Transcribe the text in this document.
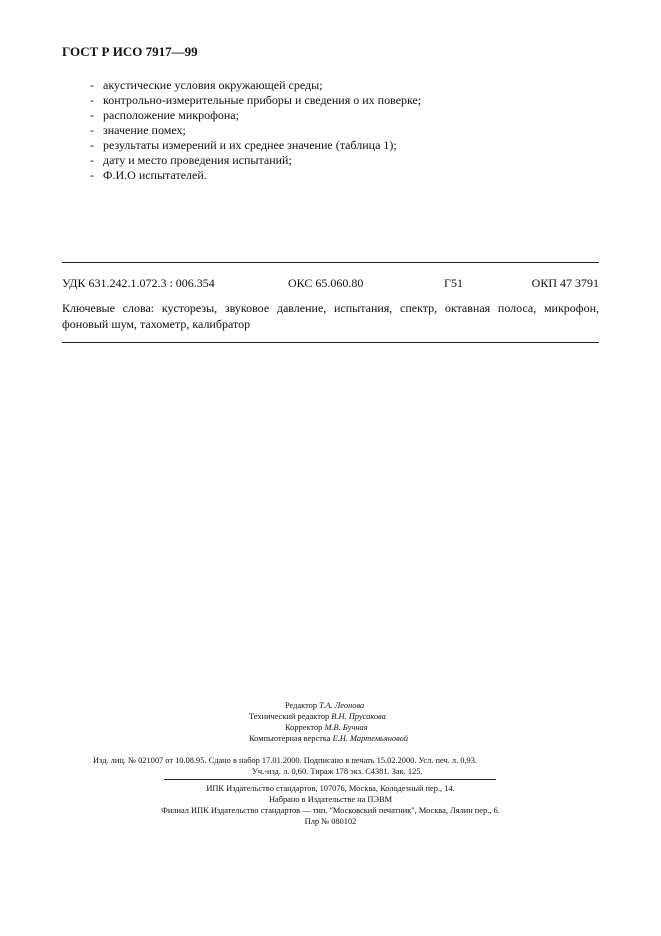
ГОСТ Р ИСО 7917—99
- акустические условия окружающей среды;
- контрольно-измерительные приборы и сведения о их поверке;
- расположение микрофона;
- значение помех;
- результаты измерений и их среднее значение (таблица 1);
- дату и место проведения испытаний;
- Ф.И.О испытателей.
УДК 631.242.1.072.3 : 006.354	ОКС 65.060.80	Г51	ОКП 47 3791
Ключевые слова: кусторезы, звуковое давление, испытания, спектр, октавная полоса, микрофон, фоновый шум, тахометр, калибратор
Редактор Т.А. Леонова
Технический редактор В.Н. Прусакова
Корректор М.В. Бучная
Компьютерная верстка Е.Н. Мартемьяновой
Изд. лиц. № 021007 от 10.08.95. Сдано в набор 17.01.2000. Подписано в печать 15.02.2000. Усл. печ. л. 0,93.
Уч.-изд. л. 0,60. Тираж 178 экз. С4381. Зак. 125.
ИПК Издательство стандартов, 107076, Москва, Колодезный пер., 14.
Набрано в Издательстве на ПЭВМ
Филиал ИПК Издательство стандартов — тип. "Московский печатник", Москва, Лялин пер., 6.
Плр № 080102
